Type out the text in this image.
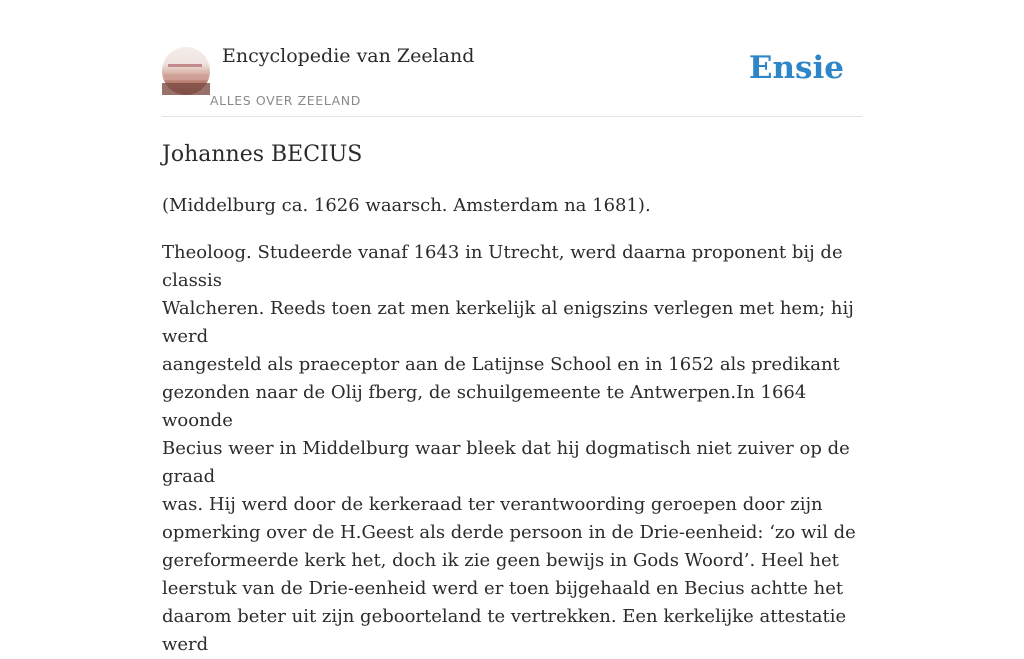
Encyclopedie van Zeeland
ALLES OVER ZEELAND
Ensie
Johannes BECIUS

(Middelburg ca. 1626 waarsch. Amsterdam na 1681).

Theoloog. Studeerde vanaf 1643 in Utrecht, werd daarna proponent bij de classis
Walcheren. Reeds toen zat men kerkelijk al enigszins verlegen met hem; hij werd
aangesteld als praeceptor aan de Latijnse School en in 1652 als predikant
gezonden naar de Olij fberg, de schuilgemeente te Antwerpen.In 1664 woonde
Becius weer in Middelburg waar bleek dat hij dogmatisch niet zuiver op de graad
was. Hij werd door de kerkeraad ter verantwoording geroepen door zijn
opmerking over de H.Geest als derde persoon in de Drie-eenheid: ‘zo wil de
gereformeerde kerk het, doch ik zie geen bewijs in Gods Woord’. Heel het
leerstuk van de Drie-eenheid werd er toen bijgehaald en Becius achtte het
daarom beter uit zijn geboorteland te vertrekken. Een kerkelijke attestatie werd
